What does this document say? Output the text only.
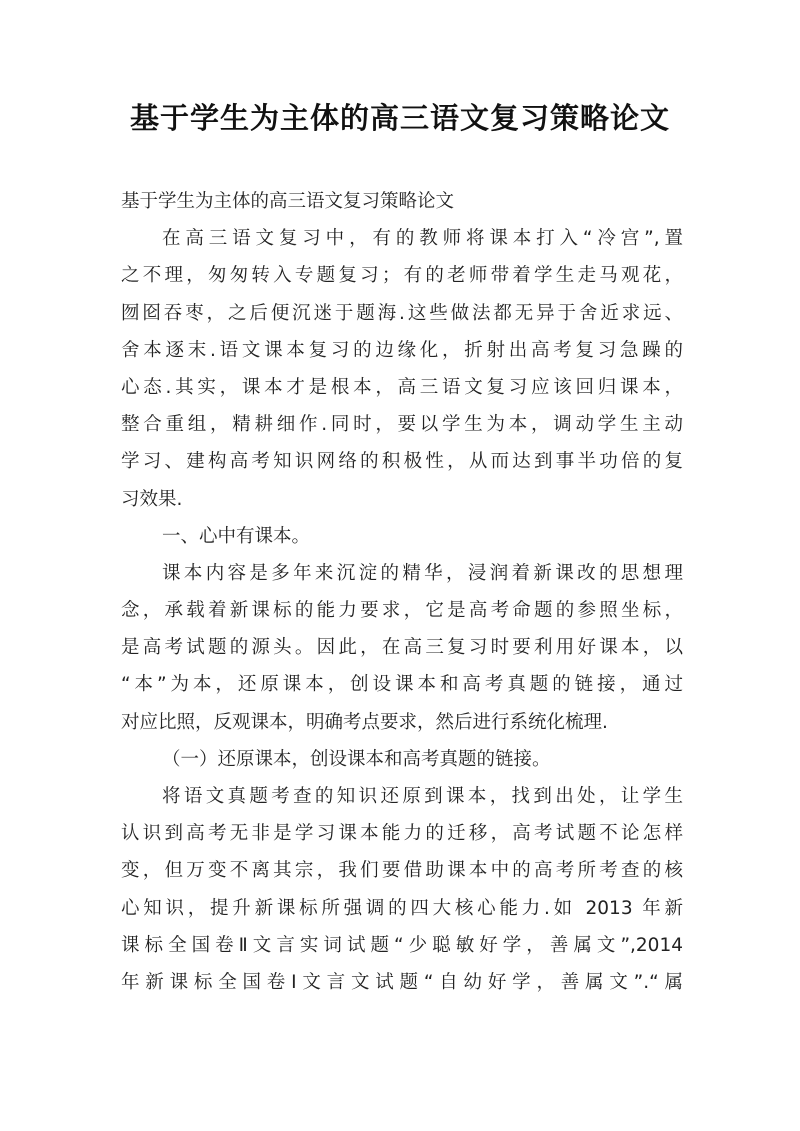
基于学生为主体的高三语文复习策略论文
基于学生为主体的高三语文复习策略论文
在高三语文复习中，有的教师将课本打入“冷宫”,置
之不理，匆匆转入专题复习；有的老师带着学生走马观花，
囫囵吞枣，之后便沉迷于题海.这些做法都无异于舍近求远、
舍本逐末.语文课本复习的边缘化，折射出高考复习急躁的
心态.其实，课本才是根本，高三语文复习应该回归课本，
整合重组，精耕细作.同时，要以学生为本，调动学生主动
学习、建构高考知识网络的积极性，从而达到事半功倍的复
习效果.
一、心中有课本。
课本内容是多年来沉淀的精华，浸润着新课改的思想理
念，承载着新课标的能力要求，它是高考命题的参照坐标，
是高考试题的源头。因此，在高三复习时要利用好课本，以
“本”为本，还原课本，创设课本和高考真题的链接，通过
对应比照，反观课本，明确考点要求，然后进行系统化梳理.
（一）还原课本，创设课本和高考真题的链接。
将语文真题考查的知识还原到课本，找到出处，让学生
认识到高考无非是学习课本能力的迁移，高考试题不论怎样
变，但万变不离其宗，我们要借助课本中的高考所考查的核
心知识，提升新课标所强调的四大核心能力.如 2013 年新
课标全国卷Ⅱ文言实词试题“少聪敏好学，善属文”,2014
年新课标全国卷Ⅰ文言文试题“自幼好学，善属文”.“属
